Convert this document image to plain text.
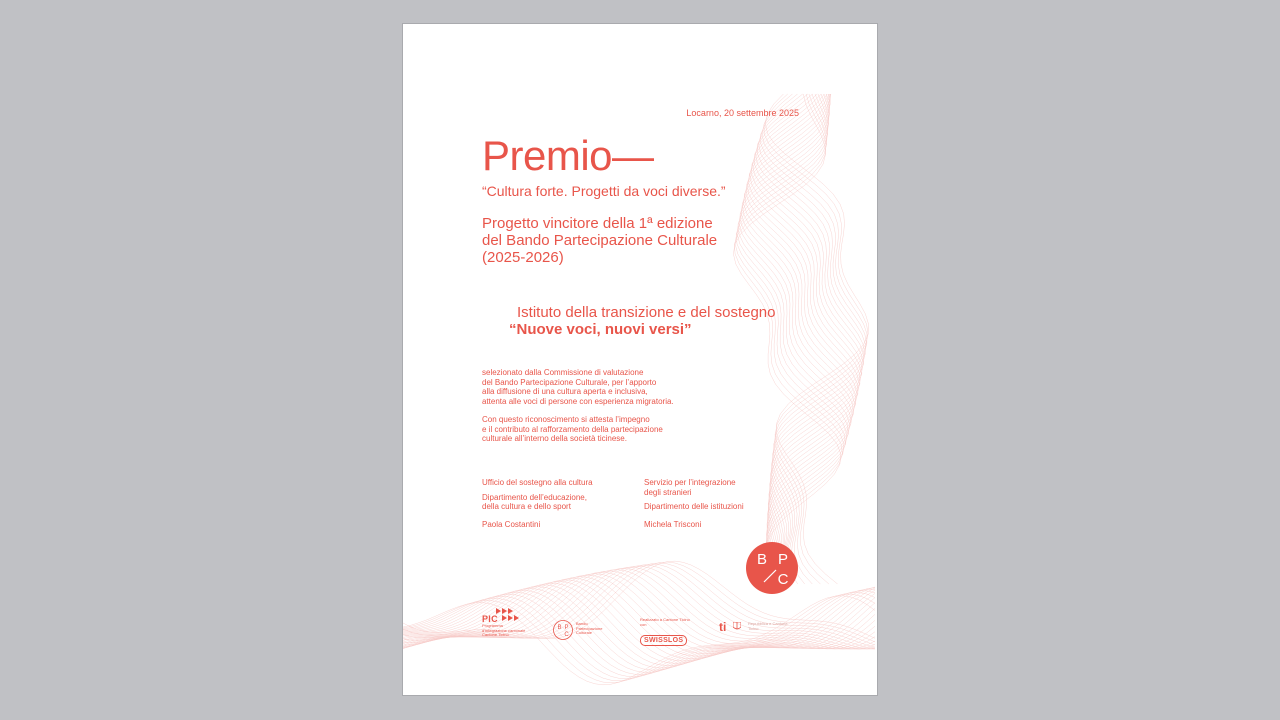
Locarno, 20 settembre 2025
Premio—
“Cultura forte. Progetti da voci diverse.”
Progetto vincitore della 1ª edizione
del Bando Partecipazione Culturale
(2025-2026)
Istituto della transizione e del sostegno
“Nuove voci, nuovi versi”

selezionato dalla Commissione di valutazione
del Bando Partecipazione Culturale, per l’apporto
alla diffusione di una cultura aperta e inclusiva,
attenta alle voci di persone con esperienza migratoria.

Con questo riconoscimento si attesta l’impegno
e il contributo al rafforzamento della partecipazione
culturale all’interno della società ticinese.

Ufficio del sostegno alla cultura

Dipartimento dell’educazione,
della cultura e dello sport

Paola Costantini

Servizio per l’integrazione
degli stranieri

Dipartimento delle istituzioni

Michela Trisconi

B P
C
PIC
Programma
d’integrazione cantonale
Cantone Ticino
B P
C
Bando
Partecipazione
Culturale
Realizzato a Cantone Ticino con
SWISSLOS
ti	Repubblica e Cantone
Ticino
